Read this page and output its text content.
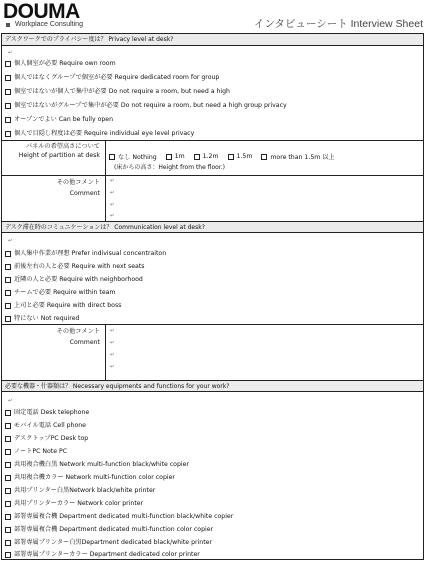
DOUMA
Workplace Consulting	インタビューシート Interview Sheet
デスクワークでのプライバシー度は？ Privacy level at desk?
↵
個人個室が必要 Require own room
個人ではなくグループで個室が必要 Require dedicated room for group
個室ではないが個人で集中が必要 Do not require a room, but need a high
個室ではないがグループで集中が必要 Do not require a room, but need a high group privacy
オープンでよい Can be fully open
個人で目隠し程度は必要 Require individual eye level privacy
パネルの希望高さについて
Height of partition at desk	なし Nothing	1m	1.2m	1.5m	more than 1.5m 以上
(床からの高さ：Height from the floor.)
その他コメント
Comment
↵
↵
↵
↵
デスク滞在時のコミュニケーションは？ Communication level at desk?
↵
個人集中作業が理想 Prefer indivisual concentraiton
前後左右の人と必要 Require with next seats
近隣の人と必要 Require with neighborhood
チームで必要 Require within team
上司と必要 Require with direct boss
特にない Not required
その他コメント
Comment
↵
↵
↵
↵
必要な機器・什器類は？ Necessary equipments and functions for your work?
↵
固定電話 Desk telephone
モバイル電話 Cell phone
デスクトップPC Desk top
ノートPC Note PC
共用複合機白黒 Network multi-function black/white copier
共用複合機カラー Network multi-function color copier
共用プリンター白黒Network black/white printer
共用プリンターカラー Network color printer
部署専属複合機 Department dedicated multi-function black/white copier
部署専属複合機 Department dedicated multi-function color copier
部署専属プリンター白黒Department dedicated black/white printer
部署専属プリンターカラー Department dedicated color printer
